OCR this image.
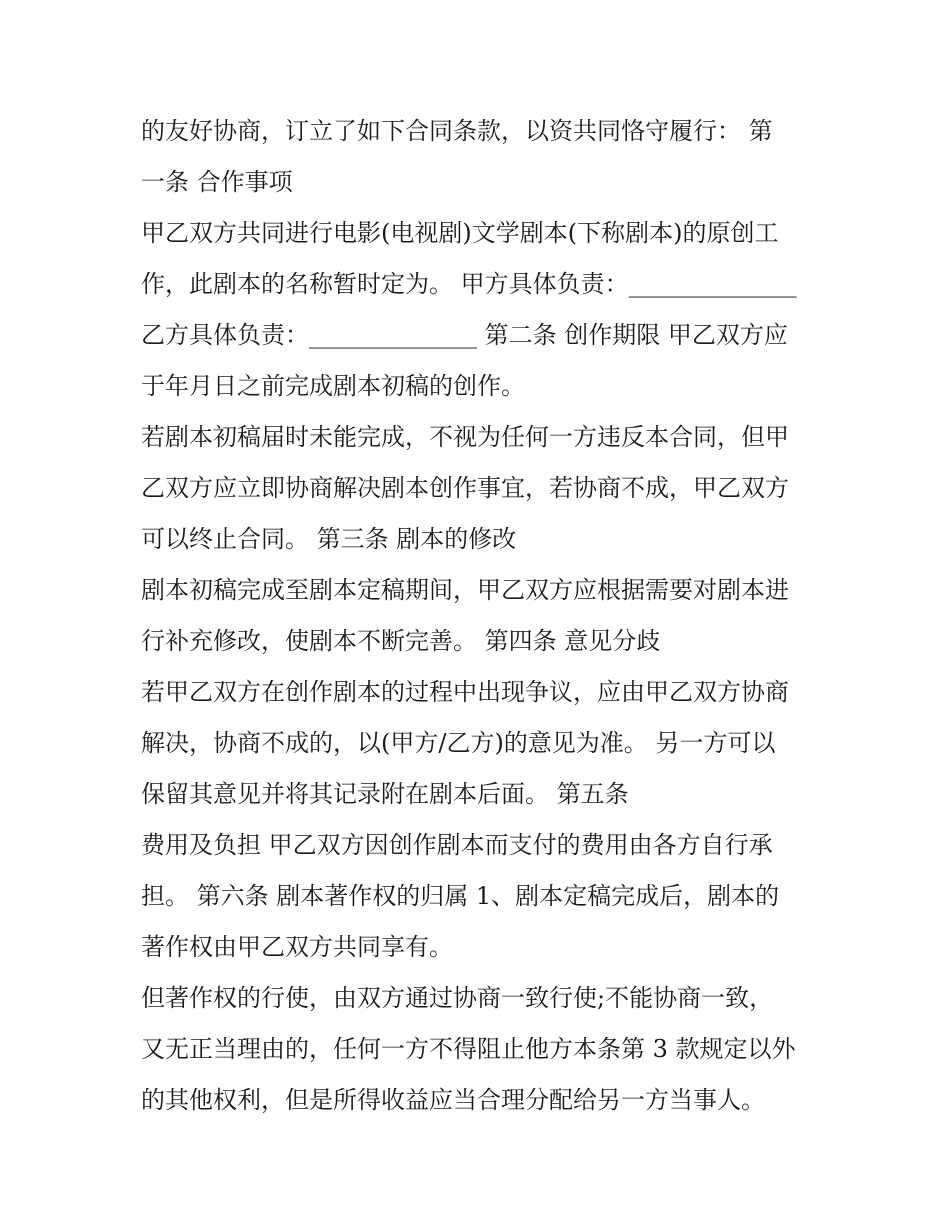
的友好协商，订立了如下合同条款，以资共同恪守履行： 第
一条 合作事项
甲乙双方共同进行电影(电视剧)文学剧本(下称剧本)的原创工
作，此剧本的名称暂时定为。 甲方具体负责：______________
乙方具体负责：______________ 第二条 创作期限 甲乙双方应
于年月日之前完成剧本初稿的创作。
若剧本初稿届时未能完成，不视为任何一方违反本合同，但甲
乙双方应立即协商解决剧本创作事宜，若协商不成，甲乙双方
可以终止合同。 第三条 剧本的修改
剧本初稿完成至剧本定稿期间，甲乙双方应根据需要对剧本进
行补充修改，使剧本不断完善。 第四条 意见分歧
若甲乙双方在创作剧本的过程中出现争议，应由甲乙双方协商
解决，协商不成的，以(甲方/乙方)的意见为准。 另一方可以
保留其意见并将其记录附在剧本后面。 第五条
费用及负担 甲乙双方因创作剧本而支付的费用由各方自行承
担。 第六条 剧本著作权的归属 1、剧本定稿完成后，剧本的
著作权由甲乙双方共同享有。
但著作权的行使，由双方通过协商一致行使;不能协商一致，
又无正当理由的，任何一方不得阻止他方本条第 3 款规定以外
的其他权利，但是所得收益应当合理分配给另一方当事人。
